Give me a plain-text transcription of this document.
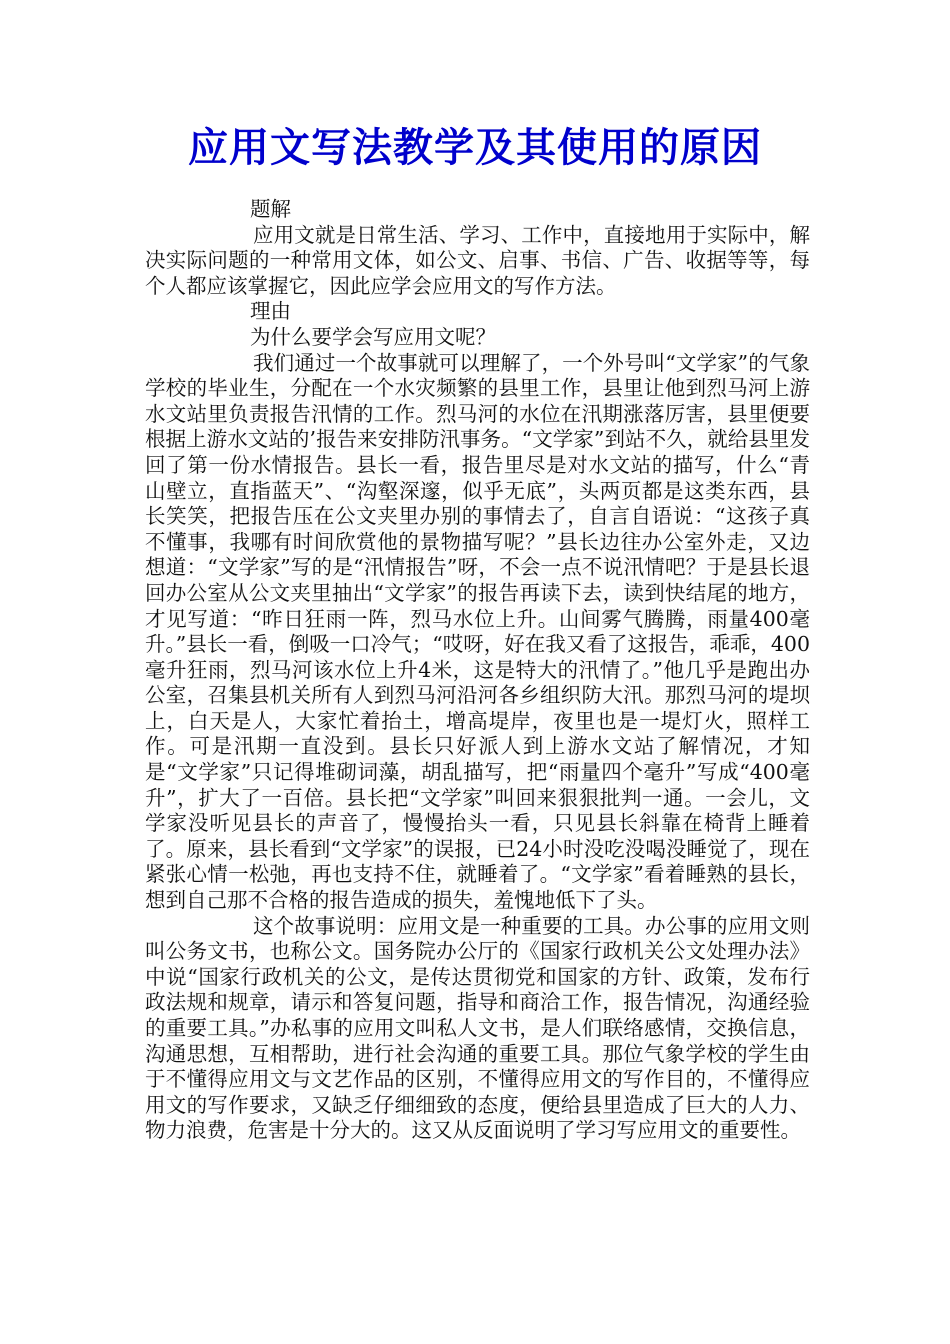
应用文写法教学及其使用的原因

题解

应用文就是日常生活、学习、工作中，直接地用于实际中，解决实际问题的一种常用文体，如公文、启事、书信、广告、收据等等，每个人都应该掌握它，因此应学会应用文的写作方法。

理由

为什么要学会写应用文呢？

我们通过一个故事就可以理解了，一个外号叫“文学家”的气象学校的毕业生，分配在一个水灾频繁的县里工作，县里让他到烈马河上游水文站里负责报告汛情的工作。烈马河的水位在汛期涨落厉害，县里便要根据上游水文站的’报告来安排防汛事务。“文学家”到站不久，就给县里发回了第一份水情报告。县长一看，报告里尽是对水文站的描写，什么“青山壁立，直指蓝天”、“沟壑深邃，似乎无底”，头两页都是这类东西，县长笑笑，把报告压在公文夹里办别的事情去了，自言自语说：“这孩子真不懂事，我哪有时间欣赏他的景物描写呢？”县长边往办公室外走，又边想道：“文学家”写的是“汛情报告”呀，不会一点不说汛情吧？于是县长退回办公室从公文夹里抽出“文学家”的报告再读下去，读到快结尾的地方，才见写道：“昨日狂雨一阵，烈马水位上升。山间雾气腾腾，雨量400毫升。”县长一看，倒吸一口冷气；“哎呀，好在我又看了这报告，乖乖，400毫升狂雨，烈马河该水位上升4米，这是特大的汛情了。”他几乎是跑出办公室，召集县机关所有人到烈马河沿河各乡组织防大汛。那烈马河的堤坝上，白天是人，大家忙着抬土，增高堤岸，夜里也是一堤灯火，照样工作。可是汛期一直没到。县长只好派人到上游水文站了解情况，才知是“文学家”只记得堆砌词藻，胡乱描写，把“雨量四个毫升”写成“400毫升”，扩大了一百倍。县长把“文学家”叫回来狠狠批判一通。一会儿，文学家没听见县长的声音了，慢慢抬头一看，只见县长斜靠在椅背上睡着了。原来，县长看到“文学家”的误报，已24小时没吃没喝没睡觉了，现在紧张心情一松弛，再也支持不住，就睡着了。“文学家”看着睡熟的县长，想到自己那不合格的报告造成的损失，羞愧地低下了头。

这个故事说明：应用文是一种重要的工具。办公事的应用文则叫公务文书，也称公文。国务院办公厅的《国家行政机关公文处理办法》中说“国家行政机关的公文，是传达贯彻党和国家的方针、政策，发布行政法规和规章，请示和答复问题，指导和商洽工作，报告情况，沟通经验的重要工具。”办私事的应用文叫私人文书，是人们联络感情，交换信息，沟通思想，互相帮助，进行社会沟通的重要工具。那位气象学校的学生由于不懂得应用文与文艺作品的区别，不懂得应用文的写作目的，不懂得应用文的写作要求，又缺乏仔细细致的态度，便给县里造成了巨大的人力、物力浪费，危害是十分大的。这又从反面说明了学习写应用文的重要性。
